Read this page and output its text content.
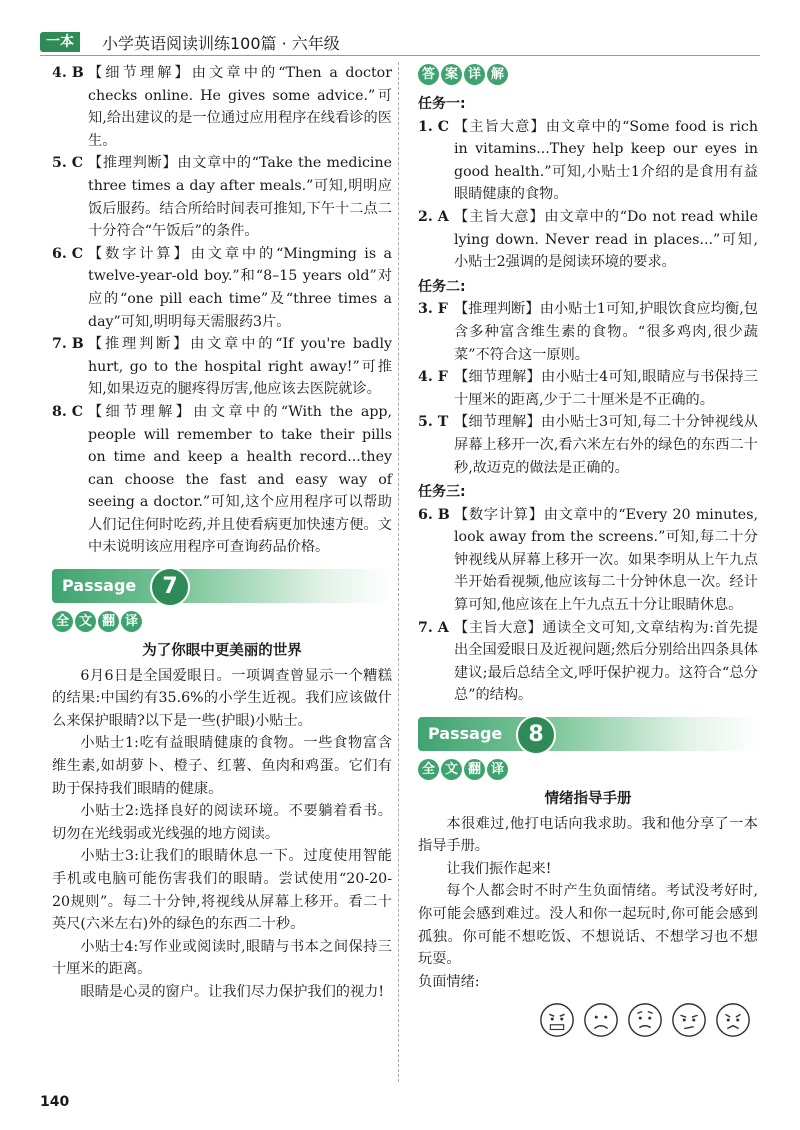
一本	小学英语阅读训练100篇 · 六年级
4. B 【细节理解】由文章中的“Then a doctor checks online. He gives some advice.”可知,给出建议的是一位通过应用程序在线看诊的医生。
5. C 【推理判断】由文章中的“Take the medicine three times a day after meals.”可知,明明应饭后服药。结合所给时间表可推知,下午十二点二十分符合“午饭后”的条件。
6. C 【数字计算】由文章中的“Mingming is a twelve-year-old boy.”和“8–15 years old”对应的“one pill each time”及“three times a day”可知,明明每天需服药3片。
7. B 【推理判断】由文章中的“If you're badly hurt, go to the hospital right away!”可推知,如果迈克的腿疼得厉害,他应该去医院就诊。
8. C 【细节理解】由文章中的“With the app, people will remember to take their pills on time and keep a health record...they can choose the fast and easy way of seeing a doctor.”可知,这个应用程序可以帮助人们记住何时吃药,并且使看病更加快速方便。文中未说明该应用程序可查询药品价格。
Passage	7
全 文 翻 译
为了你眼中更美丽的世界
6月6日是全国爱眼日。一项调查曾显示一个糟糕的结果:中国约有35.6%的小学生近视。我们应该做什么来保护眼睛?以下是一些(护眼)小贴士。
小贴士1:吃有益眼睛健康的食物。一些食物富含维生素,如胡萝卜、橙子、红薯、鱼肉和鸡蛋。它们有助于保持我们眼睛的健康。
小贴士2:选择良好的阅读环境。不要躺着看书。切勿在光线弱或光线强的地方阅读。
小贴士3:让我们的眼睛休息一下。过度使用智能手机或电脑可能伤害我们的眼睛。尝试使用“20-20-20规则”。每二十分钟,将视线从屏幕上移开。看二十英尺(六米左右)外的绿色的东西二十秒。
小贴士4:写作业或阅读时,眼睛与书本之间保持三十厘米的距离。
眼睛是心灵的窗户。让我们尽力保护我们的视力!
答 案 详 解
任务一:
1. C 【主旨大意】由文章中的“Some food is rich in vitamins...They help keep our eyes in good health.”可知,小贴士1介绍的是食用有益眼睛健康的食物。
2. A 【主旨大意】由文章中的“Do not read while lying down. Never read in places...”可知,小贴士2强调的是阅读环境的要求。
任务二:
3. F 【推理判断】由小贴士1可知,护眼饮食应均衡,包含多种富含维生素的食物。“很多鸡肉,很少蔬菜”不符合这一原则。
4. F 【细节理解】由小贴士4可知,眼睛应与书保持三十厘米的距离,少于二十厘米是不正确的。
5. T 【细节理解】由小贴士3可知,每二十分钟视线从屏幕上移开一次,看六米左右外的绿色的东西二十秒,故迈克的做法是正确的。
任务三:
6. B 【数字计算】由文章中的“Every 20 minutes, look away from the screens.”可知,每二十分钟视线从屏幕上移开一次。如果李明从上午九点半开始看视频,他应该每二十分钟休息一次。经计算可知,他应该在上午九点五十分让眼睛休息。
7. A 【主旨大意】通读全文可知,文章结构为:首先提出全国爱眼日及近视问题;然后分别给出四条具体建议;最后总结全文,呼吁保护视力。这符合“总分总”的结构。
Passage	8
全 文 翻 译
情绪指导手册
本很难过,他打电话向我求助。我和他分享了一本指导手册。
让我们振作起来!
每个人都会时不时产生负面情绪。考试没考好时,你可能会感到难过。没人和你一起玩时,你可能会感到孤独。你可能不想吃饭、不想说话、不想学习也不想玩耍。
负面情绪:
140
